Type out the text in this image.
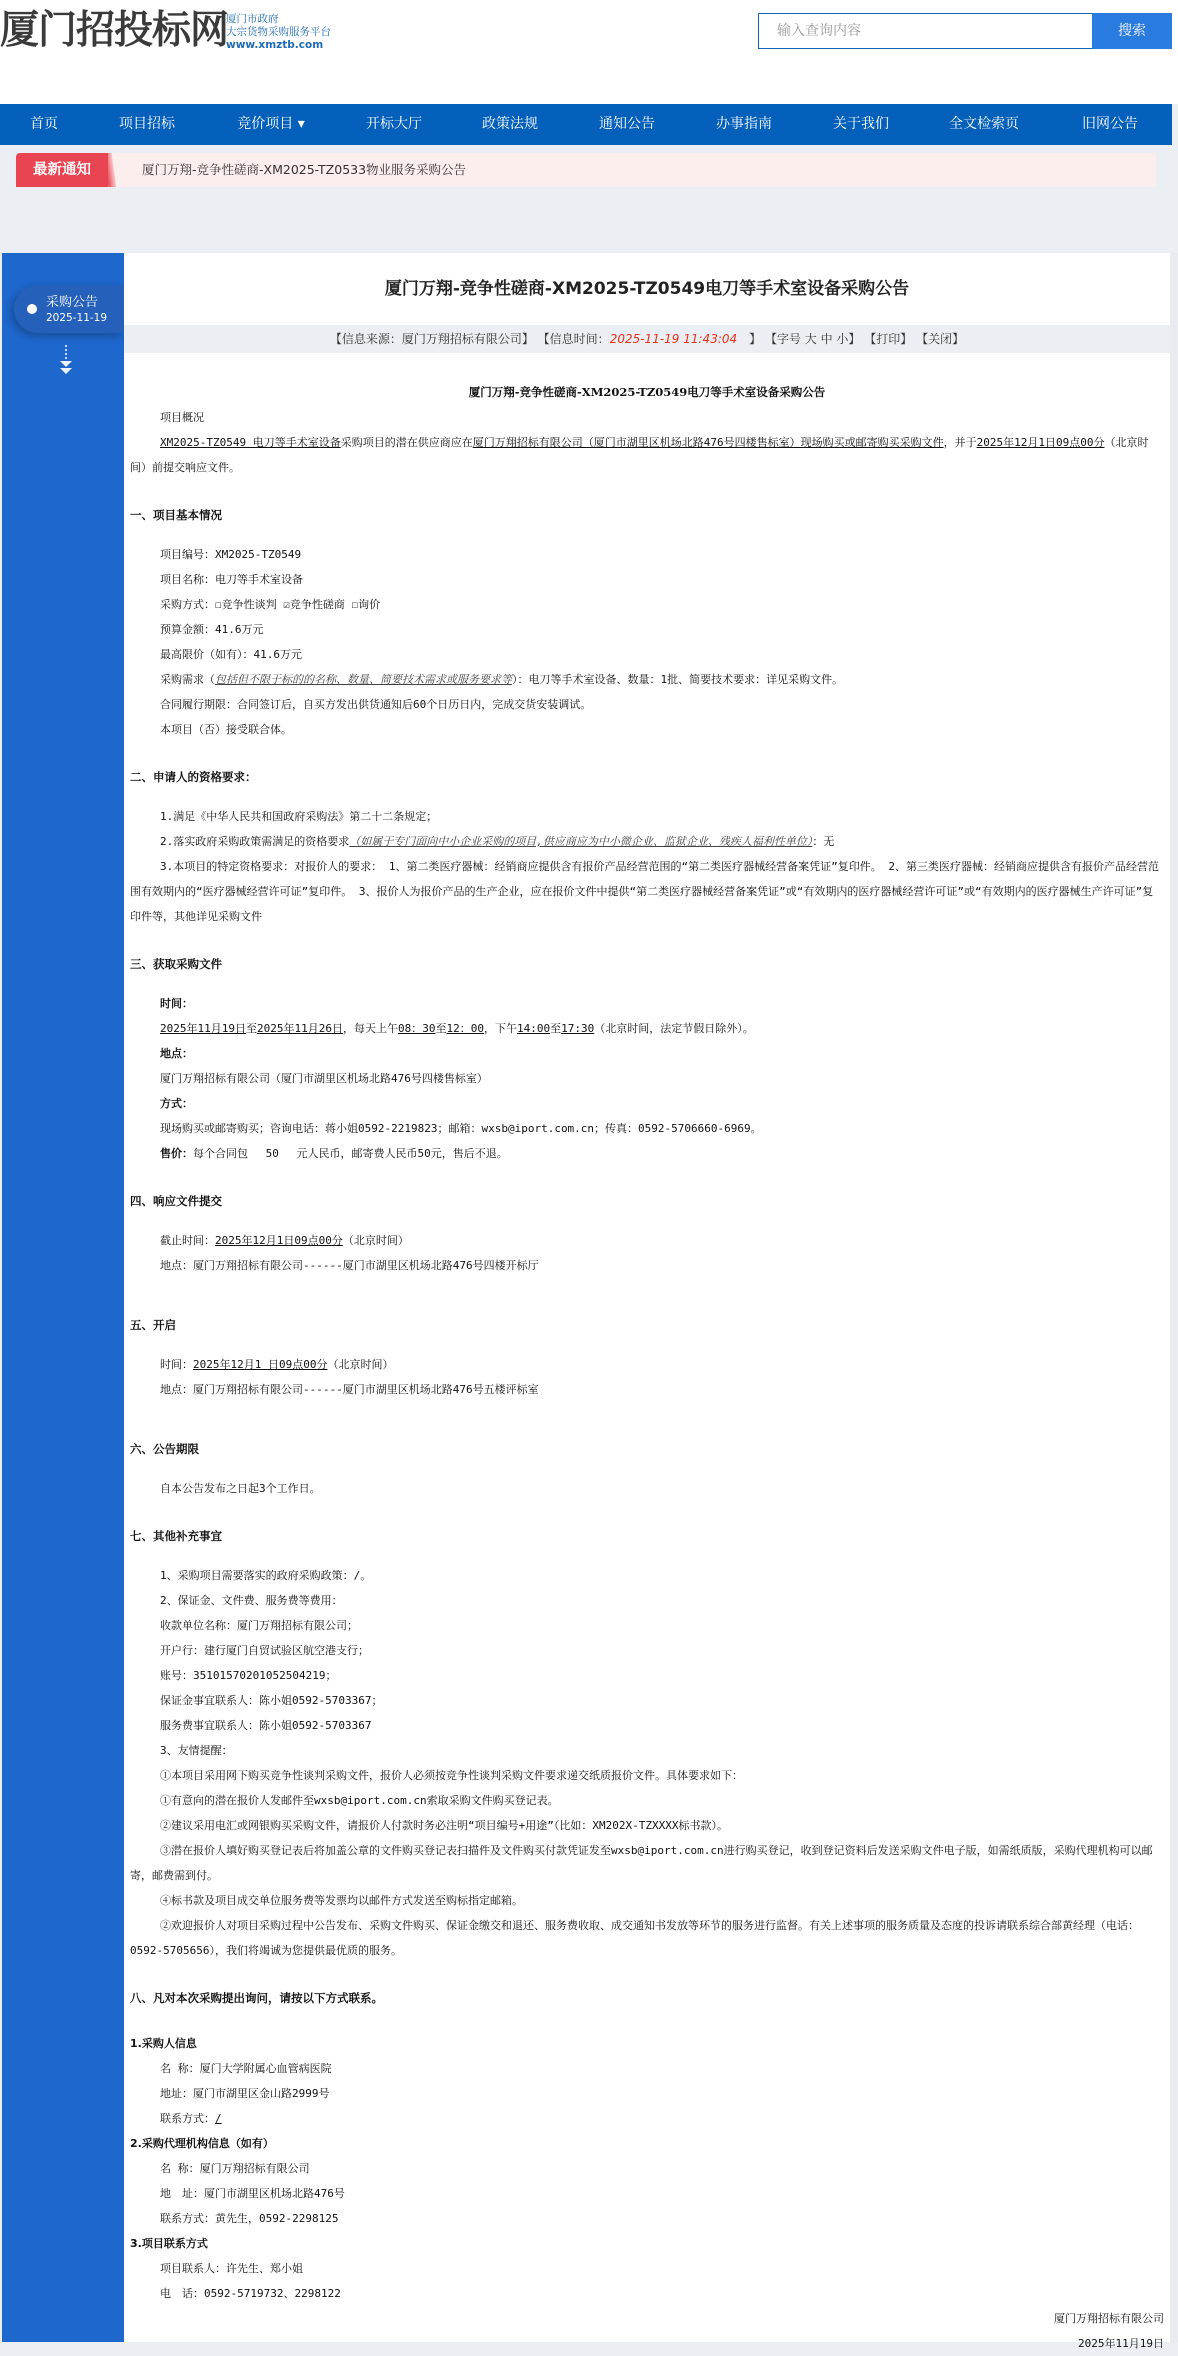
厦门招投标网
厦门市政府
大宗货物采购服务平台
www.xmztb.com
输入查询内容
搜索
首页	项目招标	竞价项目 ▾	开标大厅	政策法规	通知公告	办事指南	关于我们	全文检索页	旧网公告
最新通知	厦门万翔-竞争性磋商-XM2025-TZ0533物业服务采购公告
采购公告
2025-11-19
厦门万翔-竞争性磋商-XM2025-TZ0549电刀等手术室设备采购公告
【信息来源：厦门万翔招标有限公司】 【信息时间：2025-11-19 11:43:04　】 【字号 大 中 小】 【打印】 【关闭】

厦门万翔-竞争性磋商-XM2025-TZ0549电刀等手术室设备采购公告

项目概况

XM2025-TZ0549 电刀等手术室设备采购项目的潜在供应商应在厦门万翔招标有限公司（厦门市湖里区机场北路476号四楼售标室）现场购买或邮寄购买采购文件，并于2025年12月1日09点00分（北京时间）前提交响应文件。

一、项目基本情况

项目编号：XM2025-TZ0549

项目名称：电刀等手术室设备

采购方式：☐竞争性谈判 ☑竞争性磋商 ☐询价

预算金额：41.6万元

最高限价（如有）：41.6万元

采购需求（包括但不限于标的的名称、数量、简要技术需求或服务要求等）：电刀等手术室设备、数量：1批、简要技术要求：详见采购文件。

合同履行期限：合同签订后，自买方发出供货通知后60个日历日内，完成交货安装调试。

本项目（否）接受联合体。

二、申请人的资格要求：

1.满足《中华人民共和国政府采购法》第二十二条规定；

2.落实政府采购政策需满足的资格要求（如属于专门面向中小企业采购的项目,供应商应为中小微企业、监狱企业、残疾人福利性单位）：无

3.本项目的特定资格要求：对报价人的要求： 1、第二类医疗器械：经销商应提供含有报价产品经营范围的“第二类医疗器械经营备案凭证”复印件。 2、第三类医疗器械：经销商应提供含有报价产品经营范围有效期内的“医疗器械经营许可证”复印件。 3、报价人为报价产品的生产企业，应在报价文件中提供“第二类医疗器械经营备案凭证”或“有效期内的医疗器械经营许可证”或“有效期内的医疗器械生产许可证”复印件等，其他详见采购文件

三、获取采购文件

时间：

2025年11月19日至2025年11月26日，每天上午08：30至12：00，下午14:00至17:30（北京时间，法定节假日除外）。

地点：

厦门万翔招标有限公司（厦门市湖里区机场北路476号四楼售标室）

方式：

现场购买或邮寄购买；咨询电话：蒋小姐0592-2219823；邮箱：wxsb@iport.com.cn；传真：0592-5706660-6969。

售价：每个合同包　 50　 元人民币，邮寄费人民币50元，售后不退。

四、响应文件提交

截止时间：2025年12月1日09点00分（北京时间）

地点：厦门万翔招标有限公司------厦门市湖里区机场北路476号四楼开标厅

五、开启

时间：2025年12月1 日09点00分（北京时间）

地点：厦门万翔招标有限公司------厦门市湖里区机场北路476号五楼评标室

六、公告期限

自本公告发布之日起3个工作日。

七、其他补充事宜

1、采购项目需要落实的政府采购政策：/。

2、保证金、文件费、服务费等费用：

收款单位名称：厦门万翔招标有限公司；

开户行：建行厦门自贸试验区航空港支行；

账号：35101570201052504219；

保证金事宜联系人：陈小姐0592-5703367；

服务费事宜联系人：陈小姐0592-5703367

3、友情提醒：

①本项目采用网下购买竞争性谈判采购文件，报价人必须按竞争性谈判采购文件要求递交纸质报价文件。具体要求如下：

①有意向的潜在报价人发邮件至wxsb@iport.com.cn索取采购文件购买登记表。

②建议采用电汇或网银购买采购文件，请报价人付款时务必注明“项目编号+用途”（比如：XM202X-TZXXXX标书款）。

③潜在报价人填好购买登记表后将加盖公章的文件购买登记表扫描件及文件购买付款凭证发至wxsb@iport.com.cn进行购买登记，收到登记资料后发送采购文件电子版，如需纸质版，采购代理机构可以邮寄，邮费需到付。

④标书款及项目成交单位服务费等发票均以邮件方式发送至购标指定邮箱。

②欢迎报价人对项目采购过程中公告发布、采购文件购买、保证金缴交和退还、服务费收取、成交通知书发放等环节的服务进行监督。有关上述事项的服务质量及态度的投诉请联系综合部黄经理（电话：0592-5705656），我们将竭诚为您提供最优质的服务。

八、凡对本次采购提出询问，请按以下方式联系。

1.采购人信息

名 称：厦门大学附属心血管病医院

地址：厦门市湖里区金山路2999号

联系方式：/

2.采购代理机构信息（如有）

名 称：厦门万翔招标有限公司

地　址：厦门市湖里区机场北路476号

联系方式：黄先生，0592-2298125

3.项目联系方式

项目联系人：许先生、郑小姐

电　话：0592-5719732、2298122

厦门万翔招标有限公司

2025年11月19日
